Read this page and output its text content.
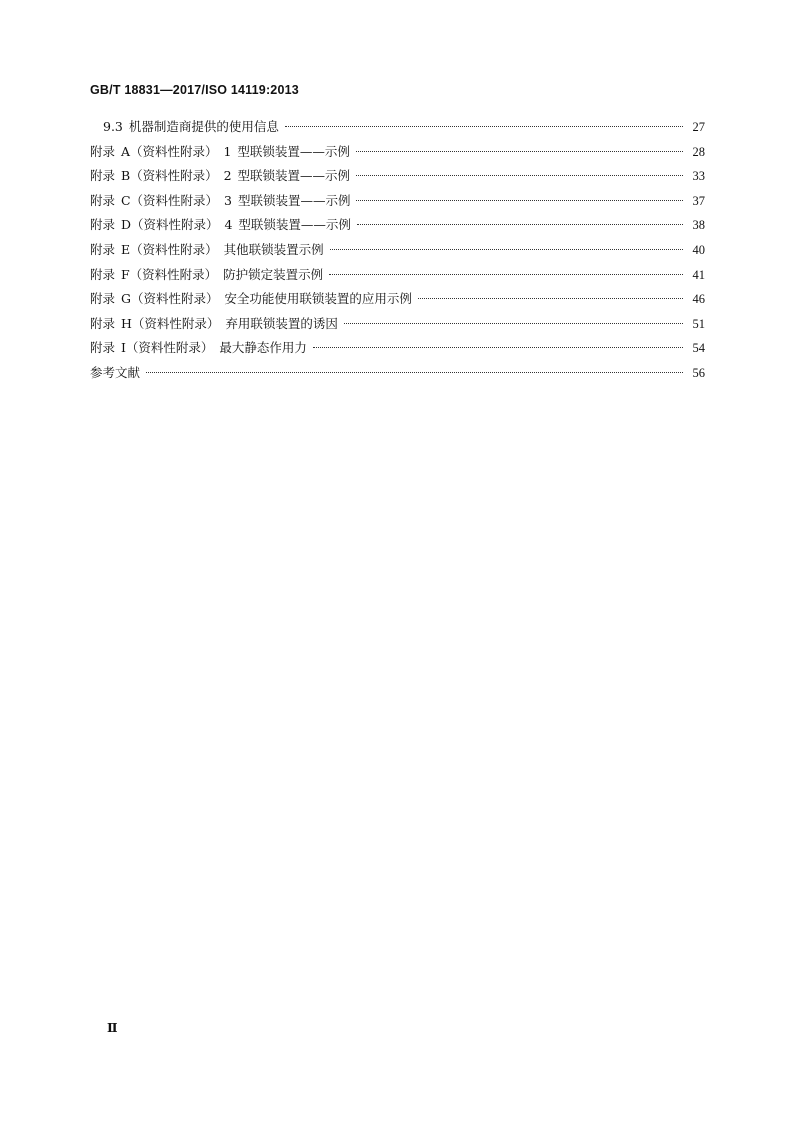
GB/T 18831—2017/ISO 14119:2013
9.3 机器制造商提供的使用信息	27
附录 A（资料性附录） 1 型联锁装置——示例	28
附录 B（资料性附录） 2 型联锁装置——示例	33
附录 C（资料性附录） 3 型联锁装置——示例	37
附录 D（资料性附录） 4 型联锁装置——示例	38
附录 E（资料性附录） 其他联锁装置示例	40
附录 F（资料性附录） 防护锁定装置示例	41
附录 G（资料性附录） 安全功能使用联锁装置的应用示例	46
附录 H（资料性附录） 弃用联锁装置的诱因	51
附录 I（资料性附录） 最大静态作用力	54
参考文献	56
Ⅱ
